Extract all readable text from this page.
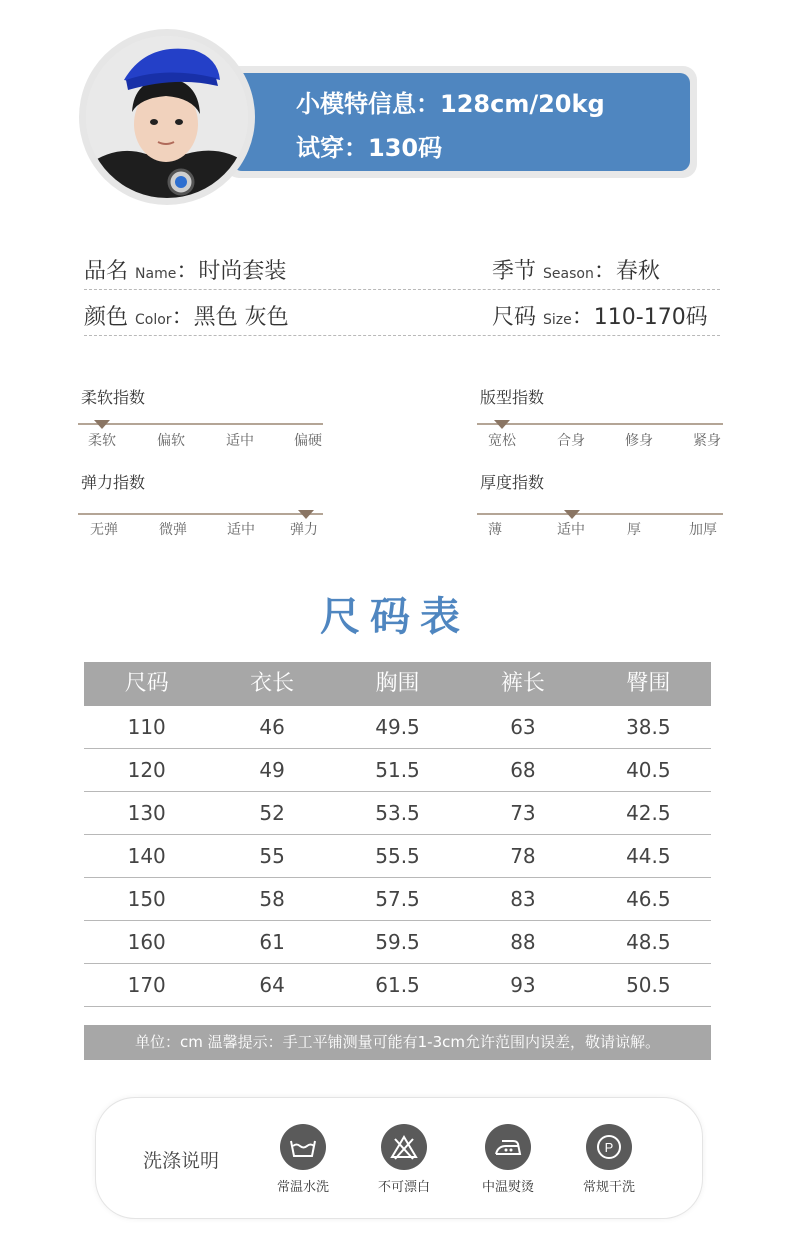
小模特信息：128cm/20kg
试穿：130码
品名 Name：时尚套装	季节 Season：春秋
颜色 Color：黑色 灰色	尺码 Size：110-170码
柔软指数
柔软	偏软	适中	偏硬
版型指数
宽松	合身	修身	紧身
弹力指数
无弹	微弹	适中	弹力
厚度指数
薄	适中	厚	加厚
尺码表
尺码	衣长	胸围	裤长	臀围
110	46	49.5	63	38.5
120	49	51.5	68	40.5
130	52	53.5	73	42.5
140	55	55.5	78	44.5
150	58	57.5	83	46.5
160	61	59.5	88	48.5
170	64	61.5	93	50.5
单位：cm 温馨提示：手工平铺测量可能有1-3cm允许范围内误差，敬请谅解。
洗涤说明
常温水洗	不可漂白	中温熨烫
P
常规干洗
